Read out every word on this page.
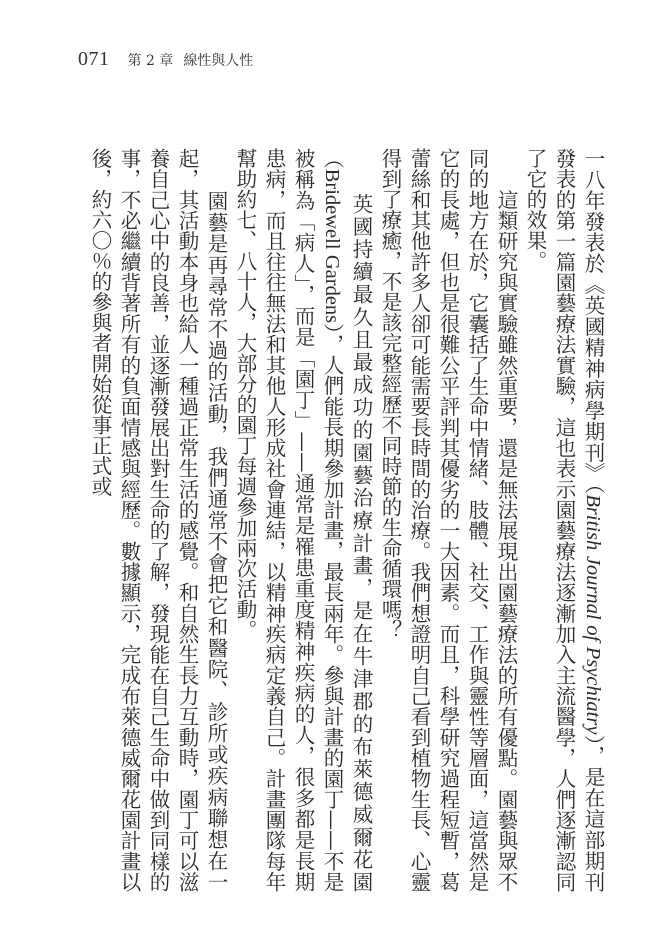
071 第 2 章 線性與人性

一八年發表於《英國精神病學期刊》（British Journal of Psychiatry），是在這部期刊發表的第一篇園藝療法實驗，這也表示園藝療法逐漸加入主流醫學，人們逐漸認同了它的效果。

　　這類研究與實驗雖然重要，還是無法展現出園藝療法的所有優點。園藝與眾不同的地方在於，它囊括了生命中情緒、肢體、社交、工作與靈性等層面，這當然是它的長處，但也是很難公平評判其優劣的一大因素。而且，科學研究過程短暫，葛蕾絲和其他許多人卻可能需要長時間的治療。我們想證明自己看到植物生長、心靈得到了療癒，不是該完整經歷不同時節的生命循環嗎？

　　英國持續最久且最成功的園藝治療計畫，是在牛津郡的布萊德威爾花園（Bridewell Gardens），人們能長期參加計畫，最長兩年。參與計畫的園丁——不是被稱為「病人」，而是「園丁」——通常是罹患重度精神疾病的人，很多都是長期患病，而且往往無法和其他人形成社會連結，以精神疾病定義自己。計畫團隊每年幫助約七、八十人，大部分的園丁每週參加兩次活動。

　　園藝是再尋常不過的活動，我們通常不會把它和醫院、診所或疾病聯想在一起，其活動本身也給人一種過正常生活的感覺。和自然生長力互動時，園丁可以滋養自己心中的良善，並逐漸發展出對生命的了解，發現能在自己生命中做到同樣的事，不必繼續背著所有的負面情感與經歷。數據顯示，完成布萊德威爾花園計畫以後，約六〇％的參與者開始從事正式或
